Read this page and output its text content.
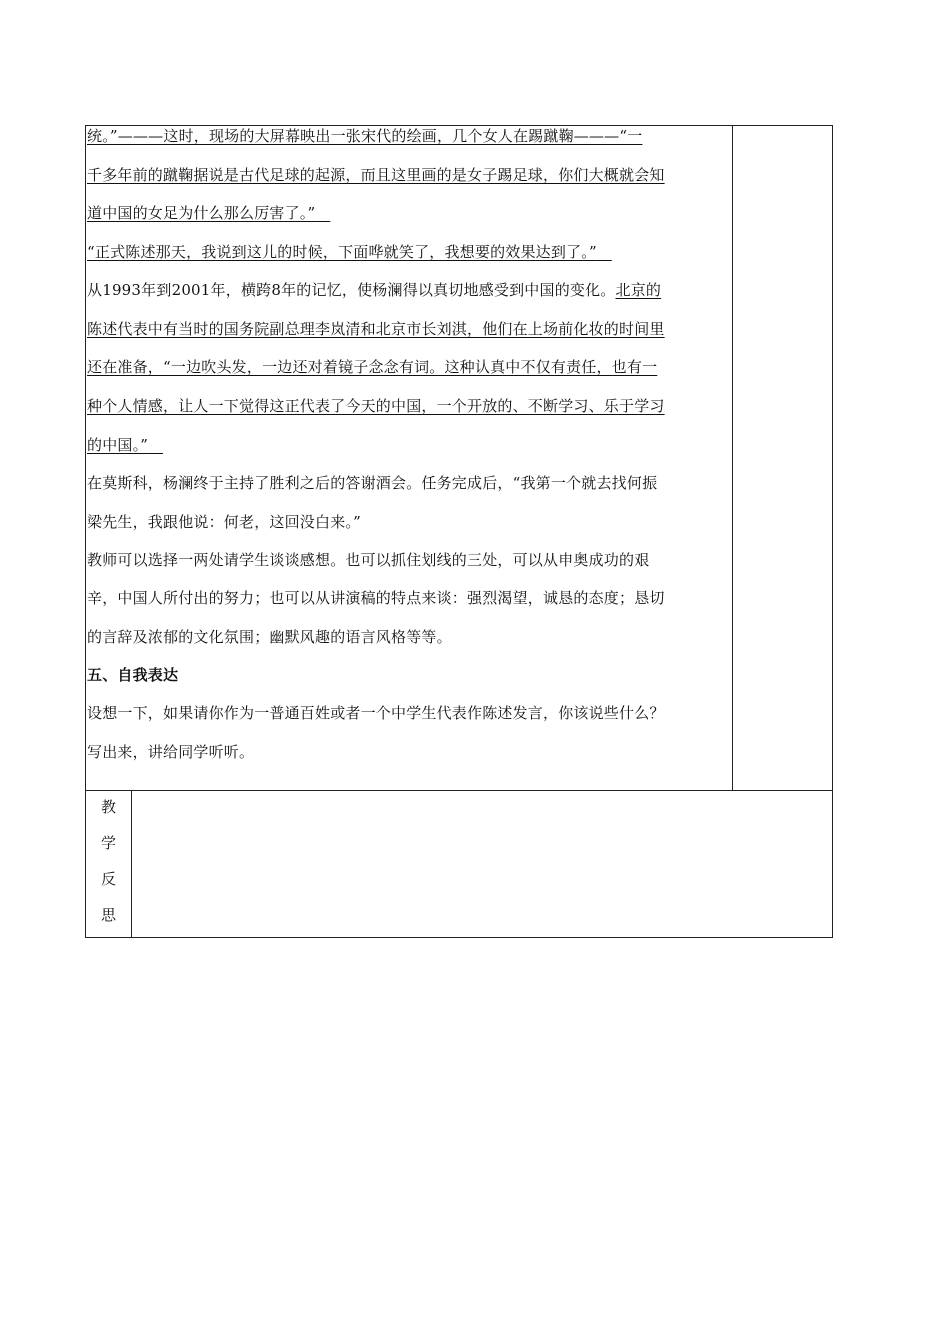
统。”———这时，现场的大屏幕映出一张宋代的绘画，几个女人在踢蹴鞠———“一
千多年前的蹴鞠据说是古代足球的起源，而且这里画的是女子踢足球，你们大概就会知
道中国的女足为什么那么厉害了。”
“正式陈述那天，我说到这儿的时候，下面哗就笑了，我想要的效果达到了。”
从1993年到2001年，横跨8年的记忆，使杨澜得以真切地感受到中国的变化。北京的
陈述代表中有当时的国务院副总理李岚清和北京市长刘淇，他们在上场前化妆的时间里
还在准备，“一边吹头发，一边还对着镜子念念有词。这种认真中不仅有责任，也有一
种个人情感，让人一下觉得这正代表了今天的中国，一个开放的、不断学习、乐于学习
的中国。”
在莫斯科，杨澜终于主持了胜利之后的答谢酒会。任务完成后，“我第一个就去找何振
梁先生，我跟他说：何老，这回没白来。”
教师可以选择一两处请学生谈谈感想。也可以抓住划线的三处，可以从申奥成功的艰
辛，中国人所付出的努力；也可以从讲演稿的特点来谈：强烈渴望，诚恳的态度；恳切
的言辞及浓郁的文化氛围；幽默风趣的语言风格等等。
五、自我表达
设想一下，如果请你作为一普通百姓或者一个中学生代表作陈述发言，你该说些什么？
写出来，讲给同学听听。
教
学
反
思
